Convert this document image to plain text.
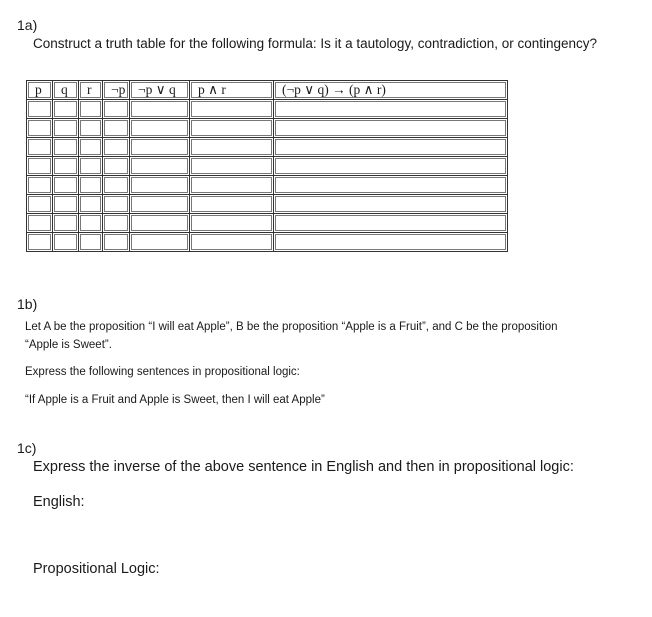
1a)
Construct a truth table for the following formula: Is it a tautology, contradiction, or contingency?
p	q	r	¬p	¬p ∨ q	p ∧ r	(¬p ∨ q) → (p ∧ r)

1b)
Let A be the proposition “I will eat Apple”, B be the proposition “Apple is a Fruit”, and C be the proposition “Apple is Sweet”.
Express the following sentences in propositional logic:
“If Apple is a Fruit and Apple is Sweet, then I will eat Apple”
1c)
Express the inverse of the above sentence in English and then in propositional logic:
English:
Propositional Logic:
